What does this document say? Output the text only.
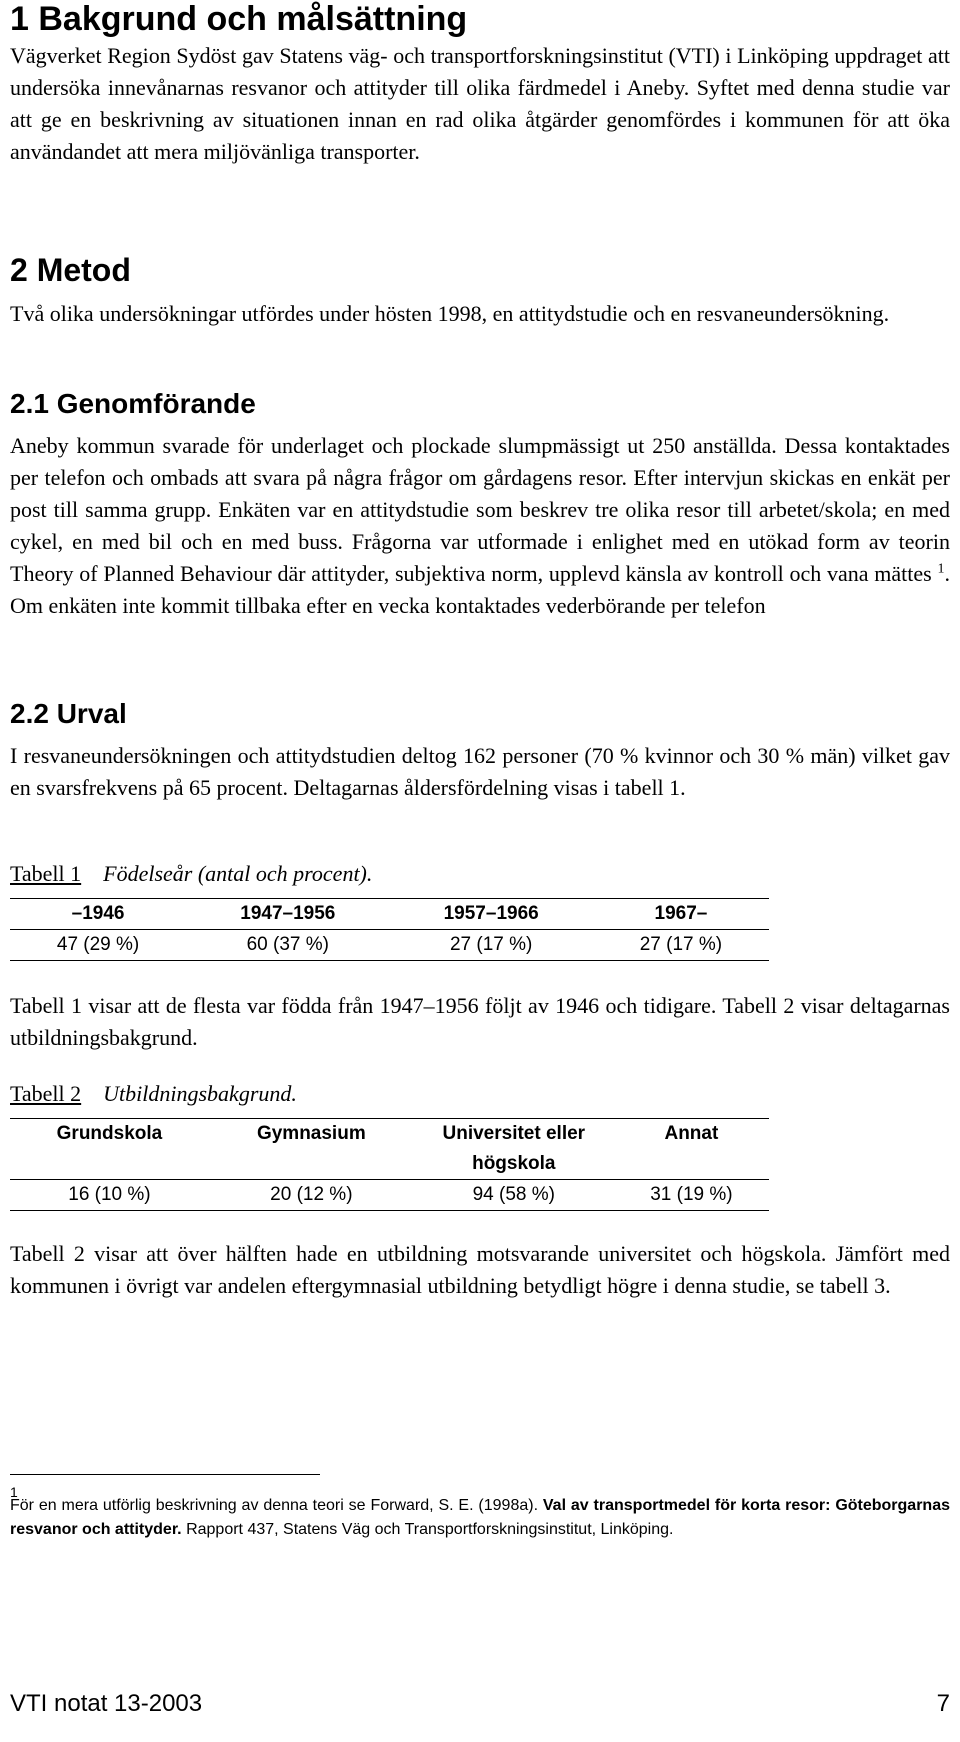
1 Bakgrund och målsättning

Vägverket Region Sydöst gav Statens väg- och transportforskningsinstitut (VTI) i Linköping uppdraget att undersöka innevånarnas resvanor och attityder till olika färdmedel i Aneby. Syftet med denna studie var att ge en beskrivning av situationen innan en rad olika åtgärder genomfördes i kommunen för att öka användandet att mera miljövänliga transporter.

2 Metod

Två olika undersökningar utfördes under hösten 1998, en attitydstudie och en resvaneundersökning.

2.1 Genomförande

Aneby kommun svarade för underlaget och plockade slumpmässigt ut 250 anställda. Dessa kontaktades per telefon och ombads att svara på några frågor om gårdagens resor. Efter intervjun skickas en enkät per post till samma grupp. Enkäten var en attitydstudie som beskrev tre olika resor till arbetet/skola; en med cykel, en med bil och en med buss. Frågorna var utformade i enlighet med en utökad form av teorin Theory of Planned Behaviour där attityder, subjektiva norm, upplevd känsla av kontroll och vana mättes $^1$. Om enkäten inte kommit tillbaka efter en vecka kontaktades vederbörande per telefon

2.2 Urval

I resvaneundersökningen och attitydstudien deltog 162 personer (70 % kvinnor och 30 % män) vilket gav en svarsfrekvens på 65 procent. Deltagarnas åldersfördelning visas i tabell 1.

Tabell 1 Födelseår (antal och procent).
–1946	1947–1956	1957–1966	1967–
47 (29 %)	60 (37 %)	27 (17 %)	27 (17 %)

Tabell 1 visar att de flesta var födda från 1947–1956 följt av 1946 och tidigare. Tabell 2 visar deltagarnas utbildningsbakgrund.

Tabell 2 Utbildningsbakgrund.
Grundskola	Gymnasium	Universitet eller högskola	Annat
16 (10 %)	20 (12 %)	94 (58 %)	31 (19 %)

Tabell 2 visar att över hälften hade en utbildning motsvarande universitet och högskola. Jämfört med kommunen i övrigt var andelen eftergymnasial utbildning betydligt högre i denna studie, se tabell 3.

1
För en mera utförlig beskrivning av denna teori se Forward, S. E. (1998a). Val av transportmedel för korta resor: Göteborgarnas resvanor och attityder. Rapport 437, Statens Väg och Transportforskningsinstitut, Linköping.
VTI notat 13-2003	7
